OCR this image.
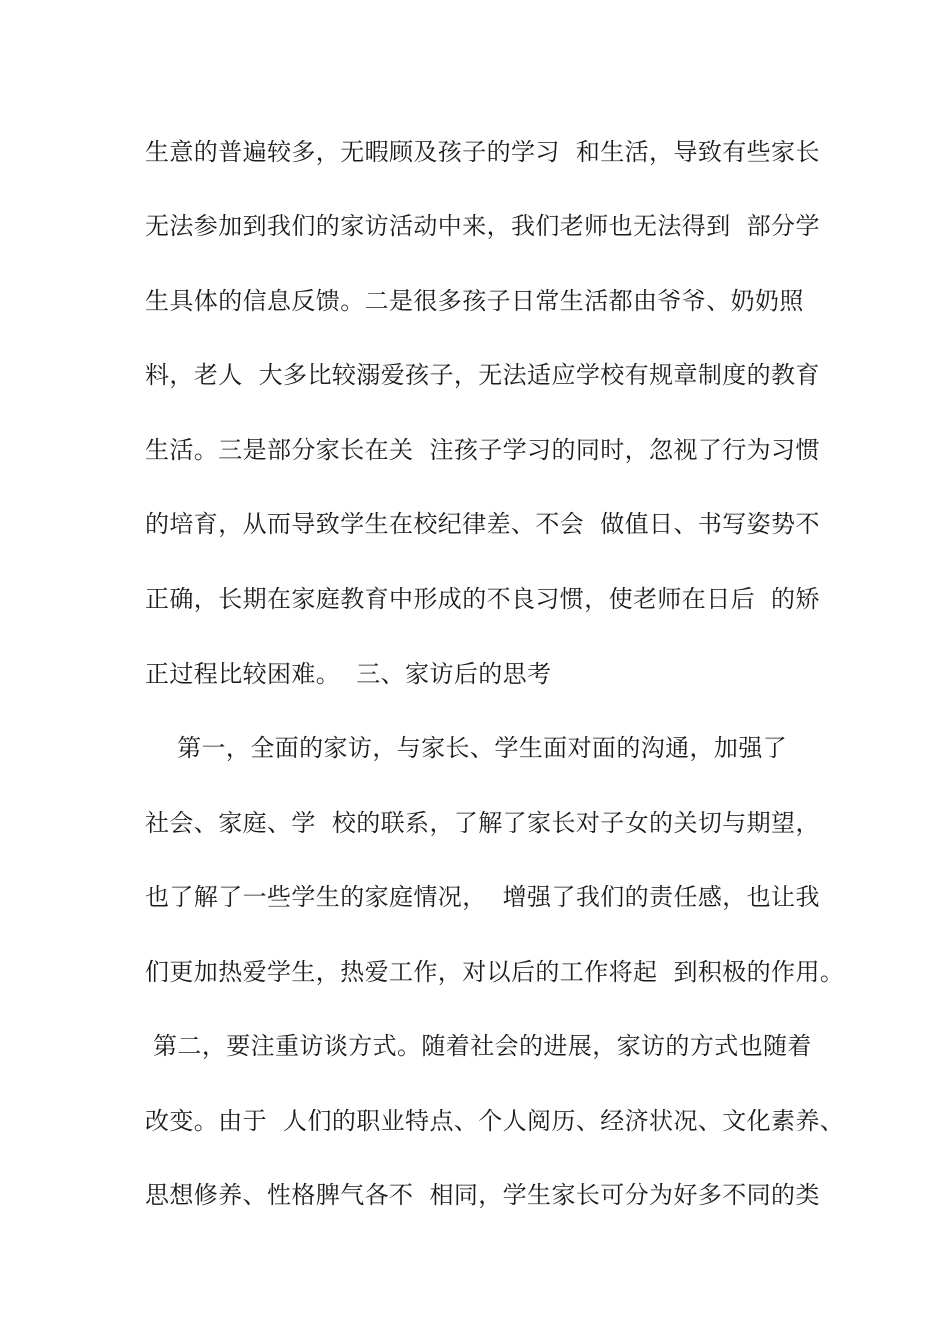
生意的普遍较多，无暇顾及孩子的学习  和生活，导致有些家长
无法参加到我们的家访活动中来，我们老师也无法得到  部分学
生具体的信息反馈。二是很多孩子日常生活都由爷爷、奶奶照
料，老人  大多比较溺爱孩子，无法适应学校有规章制度的教育
生活。三是部分家长在关  注孩子学习的同时，忽视了行为习惯
的培育，从而导致学生在校纪律差、不会  做值日、书写姿势不
正确，长期在家庭教育中形成的不良习惯，使老师在日后  的矫
正过程比较困难。  三、家访后的思考
第一，全面的家访，与家长、学生面对面的沟通，加强了
社会、家庭、学  校的联系，了解了家长对子女的关切与期望，
也了解了一些学生的家庭情况，  增强了我们的责任感，也让我
们更加热爱学生，热爱工作，对以后的工作将起  到积极的作用。
第二，要注重访谈方式。随着社会的进展，家访的方式也随着
改变。由于  人们的职业特点、个人阅历、经济状况、文化素养、
思想修养、性格脾气各不  相同，学生家长可分为好多不同的类
